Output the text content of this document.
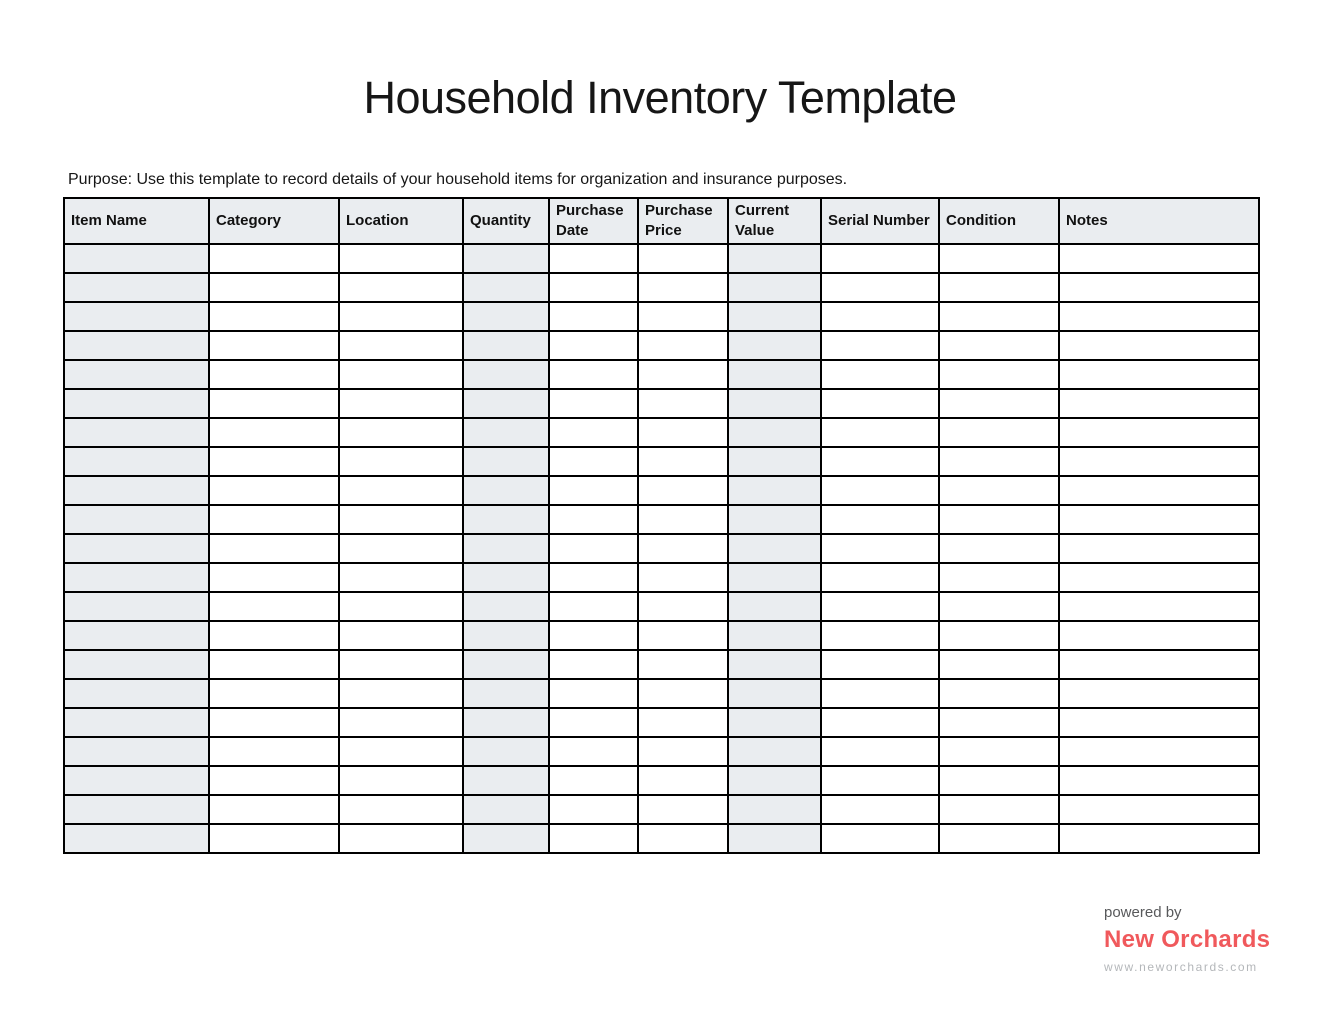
Household Inventory Template

Purpose: Use this template to record details of your household items for organization and insurance purposes.

Item Name	Category	Location	Quantity	Purchase Date	Purchase Price	Current Value	Serial Number	Condition	Notes

powered by
New Orchards
www.neworchards.com
